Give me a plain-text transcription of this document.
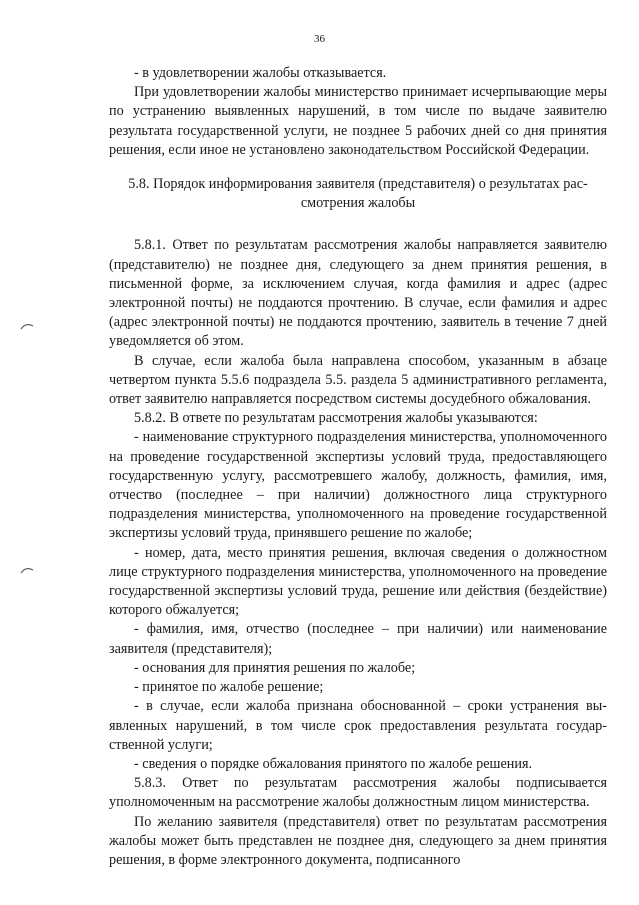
36

- в удовлетворении жалобы отказывается.

При удовлетворении жалобы министерство принимает исчерпывающие меры по устранению выявленных нарушений, в том числе по выдаче заявителю результата государственной услуги, не позднее 5 рабочих дней со дня принятия решения, если иное не установлено законодательством Российской Федерации.

5.8. Порядок информирования заявителя (представителя) о результатах рассмотрения жалобы

5.8.1. Ответ по результатам рассмотрения жалобы направляется заявителю (представителю) не позднее дня, следующего за днем принятия решения, в письменной форме, за исключением случая, когда фамилия и адрес (адрес электронной почты) не поддаются прочтению. В случае, если фамилия и адрес (адрес электронной почты) не поддаются прочтению, заявитель в течение 7 дней уведомляется об этом.

В случае, если жалоба была направлена способом, указанным в абзаце четвертом пункта 5.5.6 подраздела 5.5. раздела 5 административного регламента, ответ заявителю направляется посредством системы досудебного обжалования.

5.8.2. В ответе по результатам рассмотрения жалобы указываются:

- наименование структурного подразделения министерства, уполномоченного на проведение государственной экспертизы условий труда, предоставляющего государственную услугу, рассмотревшего жалобу, должность, фамилия, имя, отчество (последнее – при наличии) должностного лица структурного подразделения министерства, уполномоченного на проведение государственной экспертизы условий труда, принявшего решение по жалобе;

- номер, дата, место принятия решения, включая сведения о должностном лице структурного подразделения министерства, уполномоченного на проведение государственной экспертизы условий труда, решение или действия (бездействие) которого обжалуется;

- фамилия, имя, отчество (последнее – при наличии) или наименование заявителя (представителя);

- основания для принятия решения по жалобе;

- принятое по жалобе решение;

- в случае, если жалоба признана обоснованной – сроки устранения выявленных нарушений, в том числе срок предоставления результата государственной услуги;

- сведения о порядке обжалования принятого по жалобе решения.

5.8.3. Ответ по результатам рассмотрения жалобы подписывается уполномоченным на рассмотрение жалобы должностным лицом министерства.

По желанию заявителя (представителя) ответ по результатам рассмотрения жалобы может быть представлен не позднее дня, следующего за днем принятия решения, в форме электронного документа, подписанного
